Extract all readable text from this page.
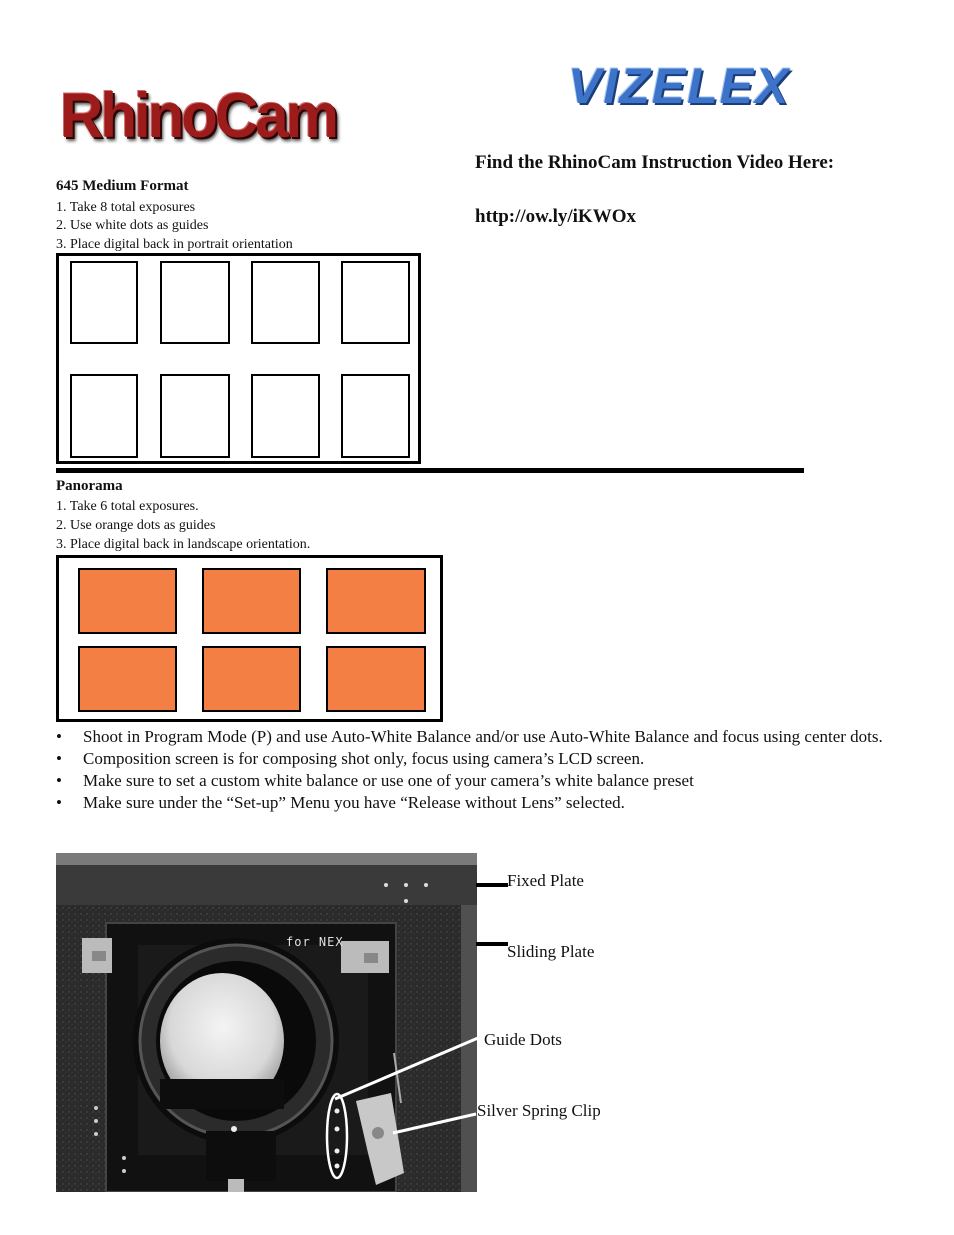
RhinoCam	VIZELEX
Find the RhinoCam Instruction Video Here:
http://ow.ly/iKWOx
645 Medium Format
1. Take 8 total exposures
2. Use white dots as guides
3. Place digital back in portrait orientation
Panorama
1. Take 6 total exposures.
2. Use orange dots as guides
3. Place digital back in landscape orientation.
• Shoot in Program Mode (P) and use Auto-White Balance and/or use Auto-White Balance and focus using center dots.
• Composition screen is for composing shot only, focus using camera’s LCD screen.
• Make sure to set a custom white balance or use one of your camera’s white balance preset
• Make sure under the “Set-up” Menu you have “Release without Lens” selected.
for NEX
Fixed Plate
Sliding Plate
Guide Dots
Silver Spring Clip
